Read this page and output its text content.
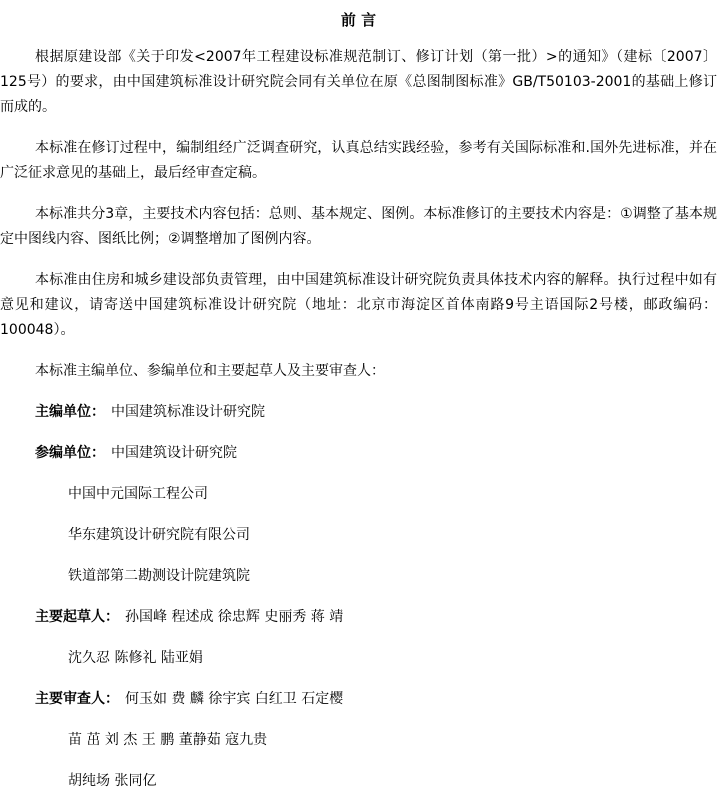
前言

根据原建设部《关于印发<2007年工程建设标准规范制订、修订计划（第一批）>的通知》（建标〔2007〕125号）的要求，由中国建筑标准设计研究院会同有关单位在原《总图制图标准》GB/T50103-2001的基础上修订而成的。

本标准在修订过程中，编制组经广泛调查研究，认真总结实践经验，参考有关国际标准和.国外先进标准，并在广泛征求意见的基础上，最后经审查定稿。

本标准共分3章，主要技术内容包括：总则、基本规定、图例。本标准修订的主要技术内容是：①调整了基本规定中图线内容、图纸比例；②调整增加了图例内容。

本标准由住房和城乡建设部负责管理，由中国建筑标准设计研究院负责具体技术内容的解释。执行过程中如有意见和建议，请寄送中国建筑标准设计研究院（地址：北京市海淀区首体南路9号主语国际2号楼，邮政编码：100048）。

本标准主编单位、参编单位和主要起草人及主要审查人：

主编单位： 中国建筑标准设计研究院

参编单位： 中国建筑设计研究院

中国中元国际工程公司

华东建筑设计研究院有限公司

铁道部第二勘测设计院建筑院

主要起草人： 孙国峰 程述成 徐忠辉 史丽秀 蒋 靖

沈久忍 陈修礼 陆亚娟

主要审查人： 何玉如 费 麟 徐宇宾 白红卫 石定樱

苗 茁 刘 杰 王 鹏 董静茹 寇九贵

胡纯场 张同亿
